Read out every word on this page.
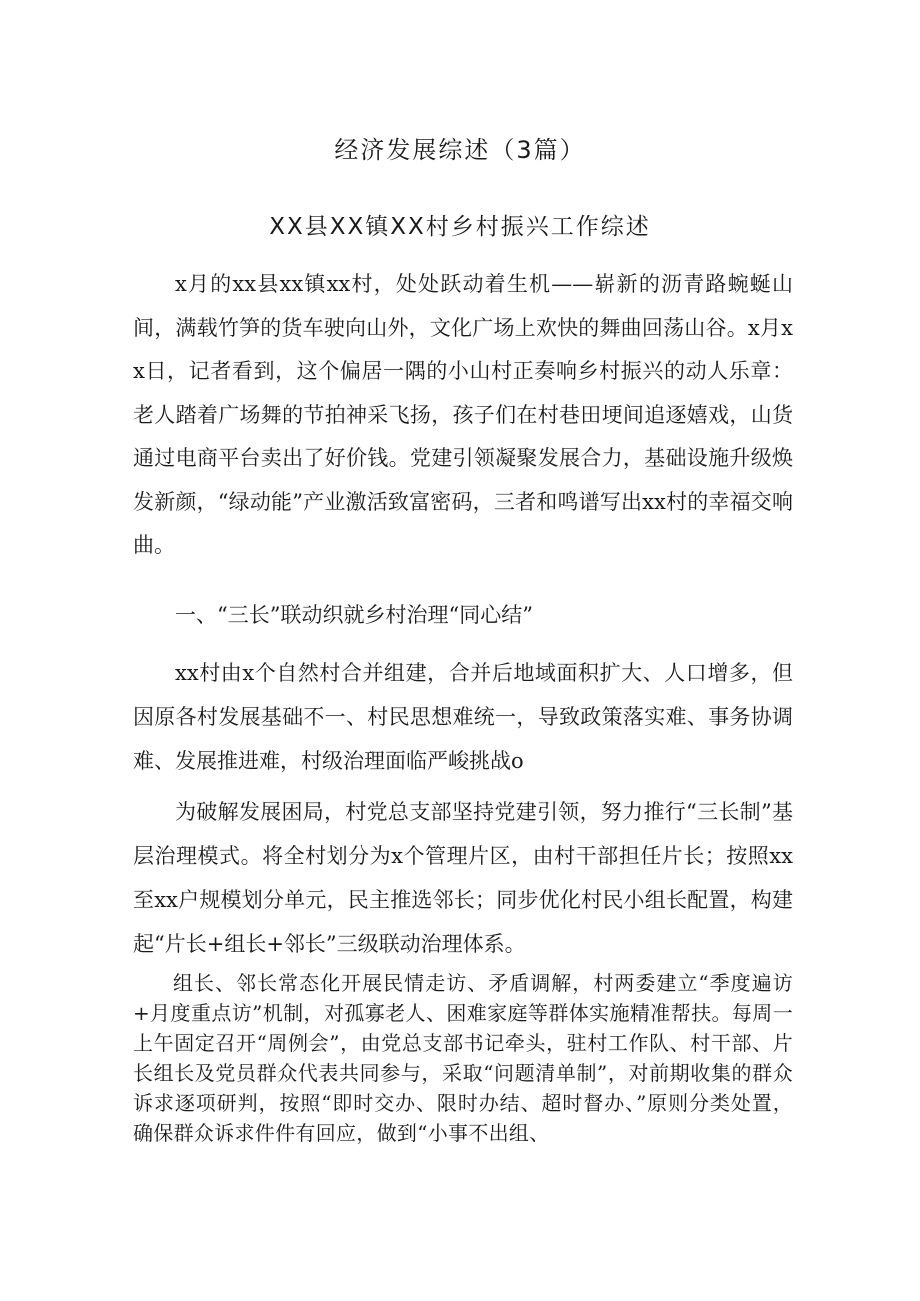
经济发展综述（3篇）
XX县XX镇XX村乡村振兴工作综述

x月的xx县xx镇xx村，处处跃动着生机——崭新的沥青路蜿蜒山间，满载竹笋的货车驶向山外，文化广场上欢快的舞曲回荡山谷。x月xx日，记者看到，这个偏居一隅的小山村正奏响乡村振兴的动人乐章：老人踏着广场舞的节拍神采飞扬，孩子们在村巷田埂间追逐嬉戏，山货通过电商平台卖出了好价钱。党建引领凝聚发展合力，基础设施升级焕发新颜，“绿动能”产业激活致富密码，三者和鸣谱写出xx村的幸福交响曲。

一、“三长”联动织就乡村治理“同心结”

xx村由x个自然村合并组建，合并后地域面积扩大、人口增多，但因原各村发展基础不一、村民思想难统一，导致政策落实难、事务协调难、发展推进难，村级治理面临严峻挑战o

为破解发展困局，村党总支部坚持党建引领，努力推行“三长制”基层治理模式。将全村划分为x个管理片区，由村干部担任片长；按照xx至xx户规模划分单元，民主推选邻长；同步优化村民小组长配置，构建起“片长+组长+邻长”三级联动治理体系。

组长、邻长常态化开展民情走访、矛盾调解，村两委建立“季度遍访+月度重点访”机制，对孤寡老人、困难家庭等群体实施精准帮扶。每周一上午固定召开“周例会”，由党总支部书记牵头，驻村工作队、村干部、片长组长及党员群众代表共同参与，采取“问题清单制”，对前期收集的群众诉求逐项研判，按照“即时交办、限时办结、超时督办、”原则分类处置，确保群众诉求件件有回应，做到“小事不出组、
